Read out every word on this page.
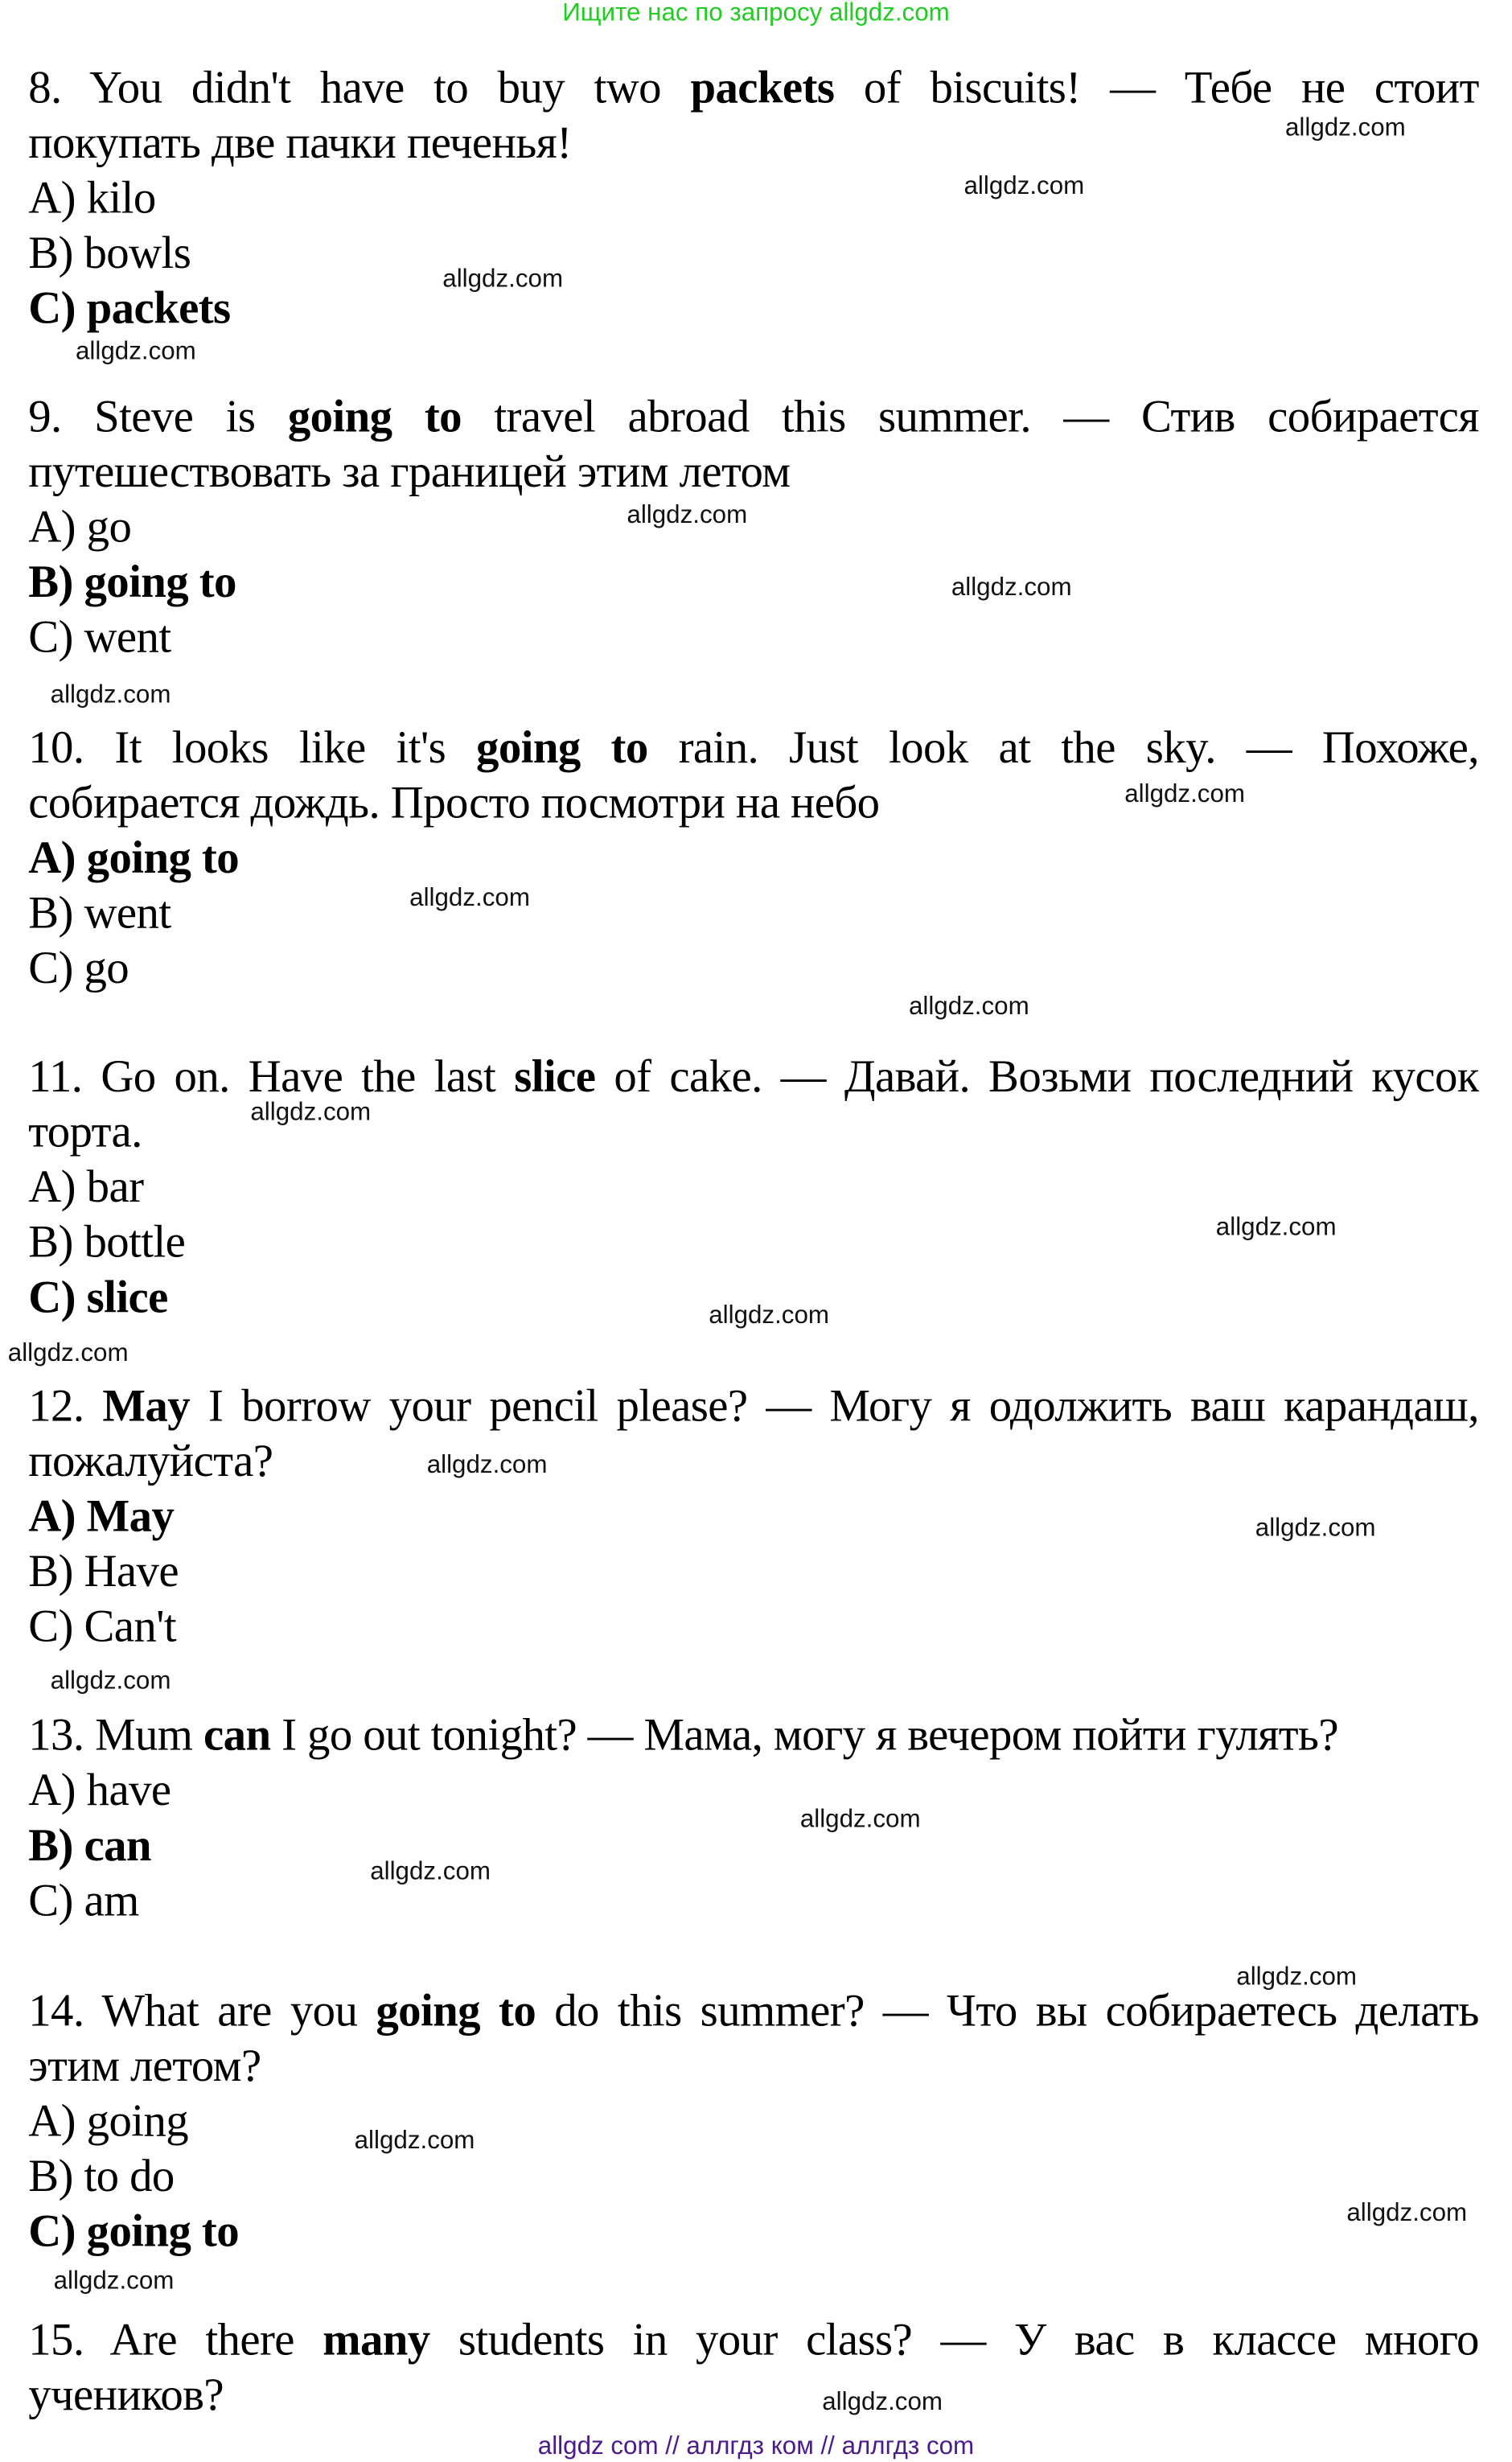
Ищите нас по запросу allgdz.com
8. You didn't have to buy two packets of biscuits! — Тебе не стоит
покупать две пачки печенья!
A) kilo
B) bowls
C) packets
9. Steve is going to travel abroad this summer. — Стив собирается
путешествовать за границей этим летом
A) go
B) going to
C) went
10. It looks like it's going to rain. Just look at the sky. — Похоже,
собирается дождь. Просто посмотри на небо
A) going to
B) went
C) go
11. Go on. Have the last slice of cake. — Давай. Возьми последний кусок
торта.
A) bar
B) bottle
C) slice
12. May I borrow your pencil please? — Могу я одолжить ваш карандаш,
пожалуйста?
A) May
B) Have
C) Can't
13. Mum can I go out tonight? — Мама, могу я вечером пойти гулять?
A) have
B) can
C) am
14. What are you going to do this summer? — Что вы собираетесь делать
этим летом?
A) going
B) to do
C) going to
15. Are there many students in your class? — У вас в классе много
учеников?
allgdz.com
allgdz.com
allgdz.com
allgdz.com
allgdz.com
allgdz.com
allgdz.com
allgdz.com
allgdz.com
allgdz.com
allgdz.com
allgdz.com
allgdz.com
allgdz.com
allgdz.com
allgdz.com
allgdz.com
allgdz.com
allgdz.com
allgdz.com
allgdz.com
allgdz.com
allgdz.com
allgdz.com
allgdz com // аллгдз ком // аллгдз com
